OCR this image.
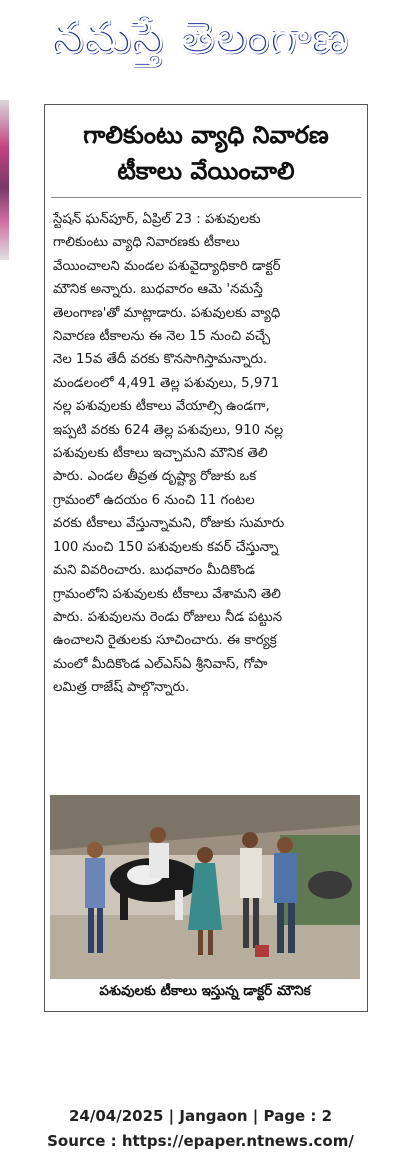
నమస్తే తెలంగాణ
గాలికుంటు వ్యాధి నివారణ
టీకాలు వేయించాలి
స్టేషన్ ఘన్‌పూర్, ఏప్రిల్ 23 : పశువులకు
గాలికుంటు వ్యాధి నివారణకు టీకాలు
వేయించాలని మండల పశువైద్యాధికారి డాక్టర్
మౌనిక అన్నారు. బుధవారం ఆమె 'నమస్తే
తెలంగాణ'తో మాట్లాడారు. పశువులకు వ్యాధి
నివారణ టీకాలను ఈ నెల 15 నుంచి వచ్చే
నెల 15వ తేదీ వరకు కొనసాగిస్తామన్నారు.
మండలంలో 4,491 తెల్ల పశువులు, 5,971
నల్ల పశువులకు టీకాలు వేయాల్సి ఉండగా,
ఇప్పటి వరకు 624 తెల్ల పశువులు, 910 నల్ల
పశువులకు టీకాలు ఇచ్చామని మౌనిక తెలి
పారు. ఎండల తీవ్రత దృష్ట్యా రోజుకు ఒక
గ్రామంలో ఉదయం 6 నుంచి 11 గంటల
వరకు టీకాలు వేస్తున్నామని, రోజుకు సుమారు
100 నుంచి 150 పశువులకు కవర్ చేస్తున్నా
మని వివరించారు. బుధవారం మీదికొండ
గ్రామంలోని పశువులకు టీకాలు వేశామని తెలి
పారు. పశువులను రెండు రోజులు నీడ పట్టున
ఉంచాలని రైతులకు సూచించారు. ఈ కార్యక్ర
మంలో మీదికొండ ఎల్‌ఎస్‌ఏ శ్రీనివాస్, గోపా
లమిత్ర రాజేష్ పాల్గొన్నారు.
పశువులకు టీకాలు ఇస్తున్న డాక్టర్ మౌనిక
24/04/2025 | Jangaon | Page : 2
Source : https://epaper.ntnews.com/
